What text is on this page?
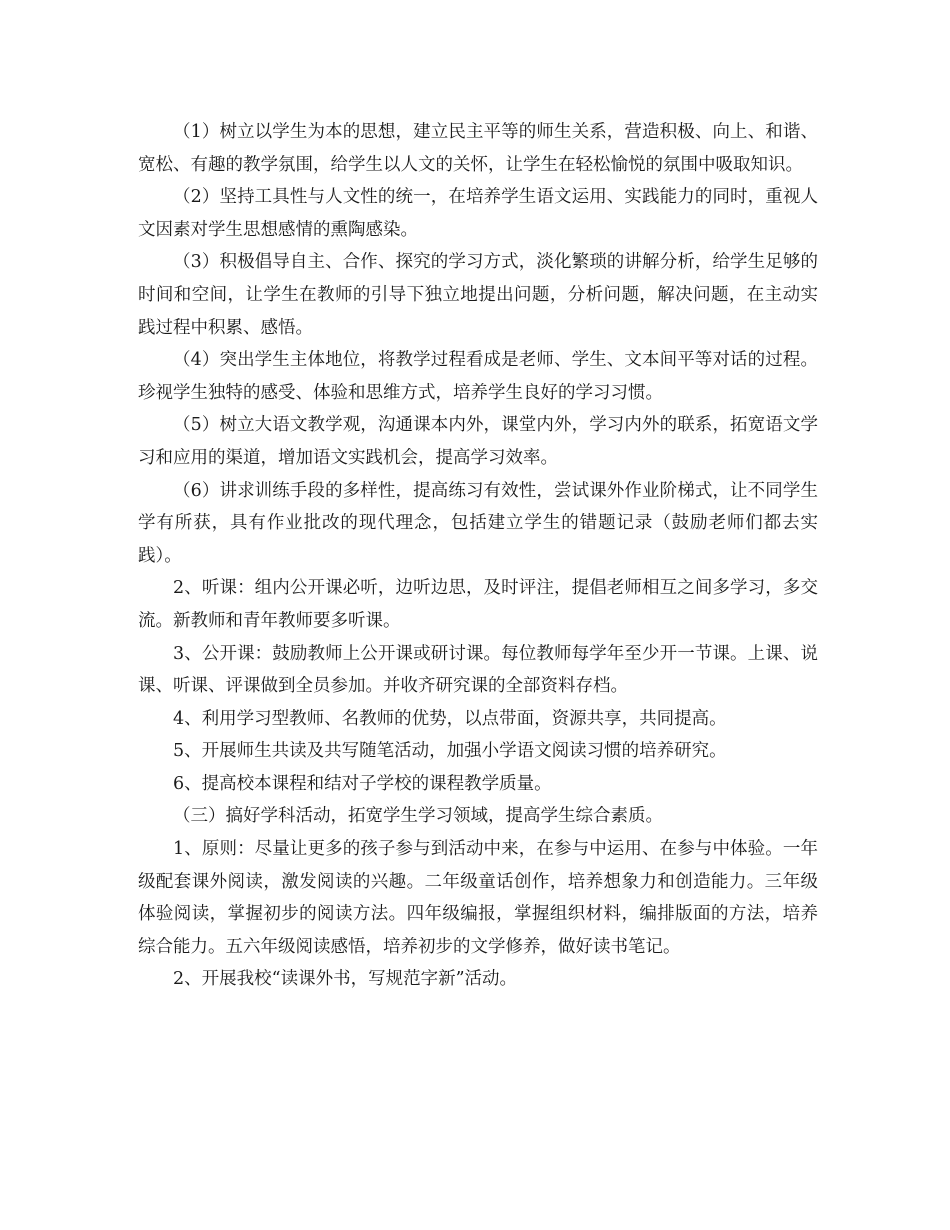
（1）树立以学生为本的思想，建立民主平等的师生关系，营造积极、向上、和谐、宽松、有趣的教学氛围，给学生以人文的关怀，让学生在轻松愉悦的氛围中吸取知识。

（2）坚持工具性与人文性的统一，在培养学生语文运用、实践能力的同时，重视人文因素对学生思想感情的熏陶感染。

（3）积极倡导自主、合作、探究的学习方式，淡化繁琐的讲解分析，给学生足够的时间和空间，让学生在教师的引导下独立地提出问题，分析问题，解决问题，在主动实践过程中积累、感悟。

（4）突出学生主体地位，将教学过程看成是老师、学生、文本间平等对话的过程。珍视学生独特的感受、体验和思维方式，培养学生良好的学习习惯。

（5）树立大语文教学观，沟通课本内外，课堂内外，学习内外的联系，拓宽语文学习和应用的渠道，增加语文实践机会，提高学习效率。

（6）讲求训练手段的多样性，提高练习有效性，尝试课外作业阶梯式，让不同学生学有所获，具有作业批改的现代理念，包括建立学生的错题记录（鼓励老师们都去实践）。

2、听课：组内公开课必听，边听边思，及时评注，提倡老师相互之间多学习，多交流。新教师和青年教师要多听课。

3、公开课：鼓励教师上公开课或研讨课。每位教师每学年至少开一节课。上课、说课、听课、评课做到全员参加。并收齐研究课的全部资料存档。

4、利用学习型教师、名教师的优势，以点带面，资源共享，共同提高。

5、开展师生共读及共写随笔活动，加强小学语文阅读习惯的培养研究。

6、提高校本课程和结对子学校的课程教学质量。

（三）搞好学科活动，拓宽学生学习领域，提高学生综合素质。

1、原则：尽量让更多的孩子参与到活动中来，在参与中运用、在参与中体验。一年级配套课外阅读，激发阅读的兴趣。二年级童话创作，培养想象力和创造能力。三年级体验阅读，掌握初步的阅读方法。四年级编报，掌握组织材料，编排版面的方法，培养综合能力。五六年级阅读感悟，培养初步的文学修养，做好读书笔记。

2、开展我校“读课外书，写规范字新”活动。
